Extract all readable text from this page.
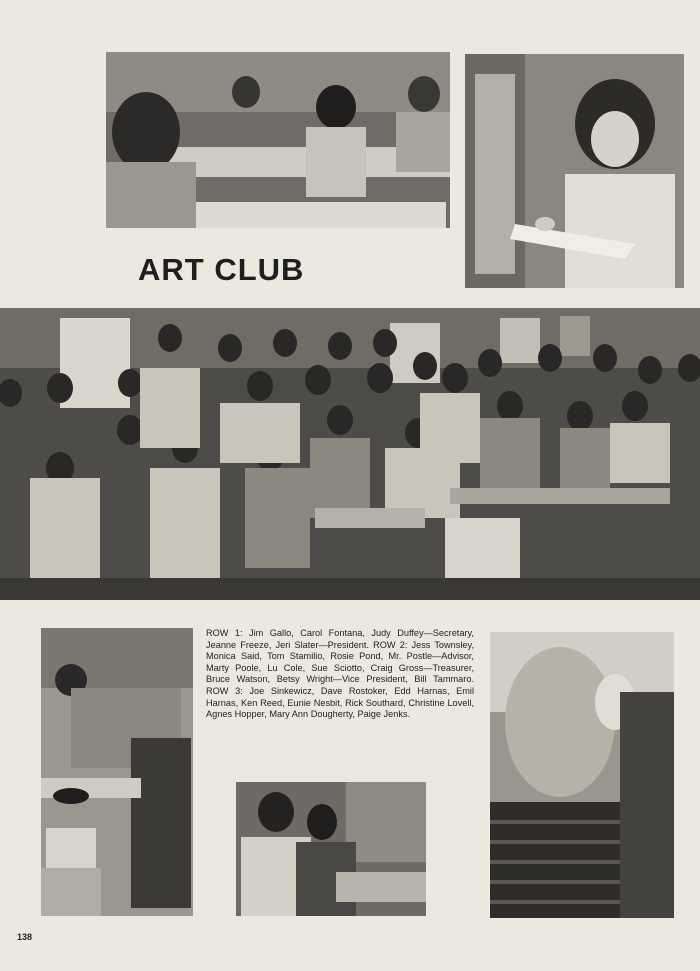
ART CLUB

ROW 1: Jim Gallo, Carol Fontana, Judy Duffey—Secretary, Jeanne Freeze, Jeri Slater—President. ROW 2: Jess Townsley, Monica Said, Tom Stamilio, Rosie Pond, Mr. Postle—Advisor, Marty Poole, Lu Cole, Sue Sciotto, Craig Gross—Treasurer, Bruce Watson, Betsy Wright—Vice President, Bill Tammaro. ROW 3: Joe Sinkewicz, Dave Rostoker, Edd Harnas, Emil Harnas, Ken Reed, Eunie Nesbit, Rick Southard, Christine Lovell, Agnes Hopper, Mary Ann Dougherty, Paige Jenks.

138
